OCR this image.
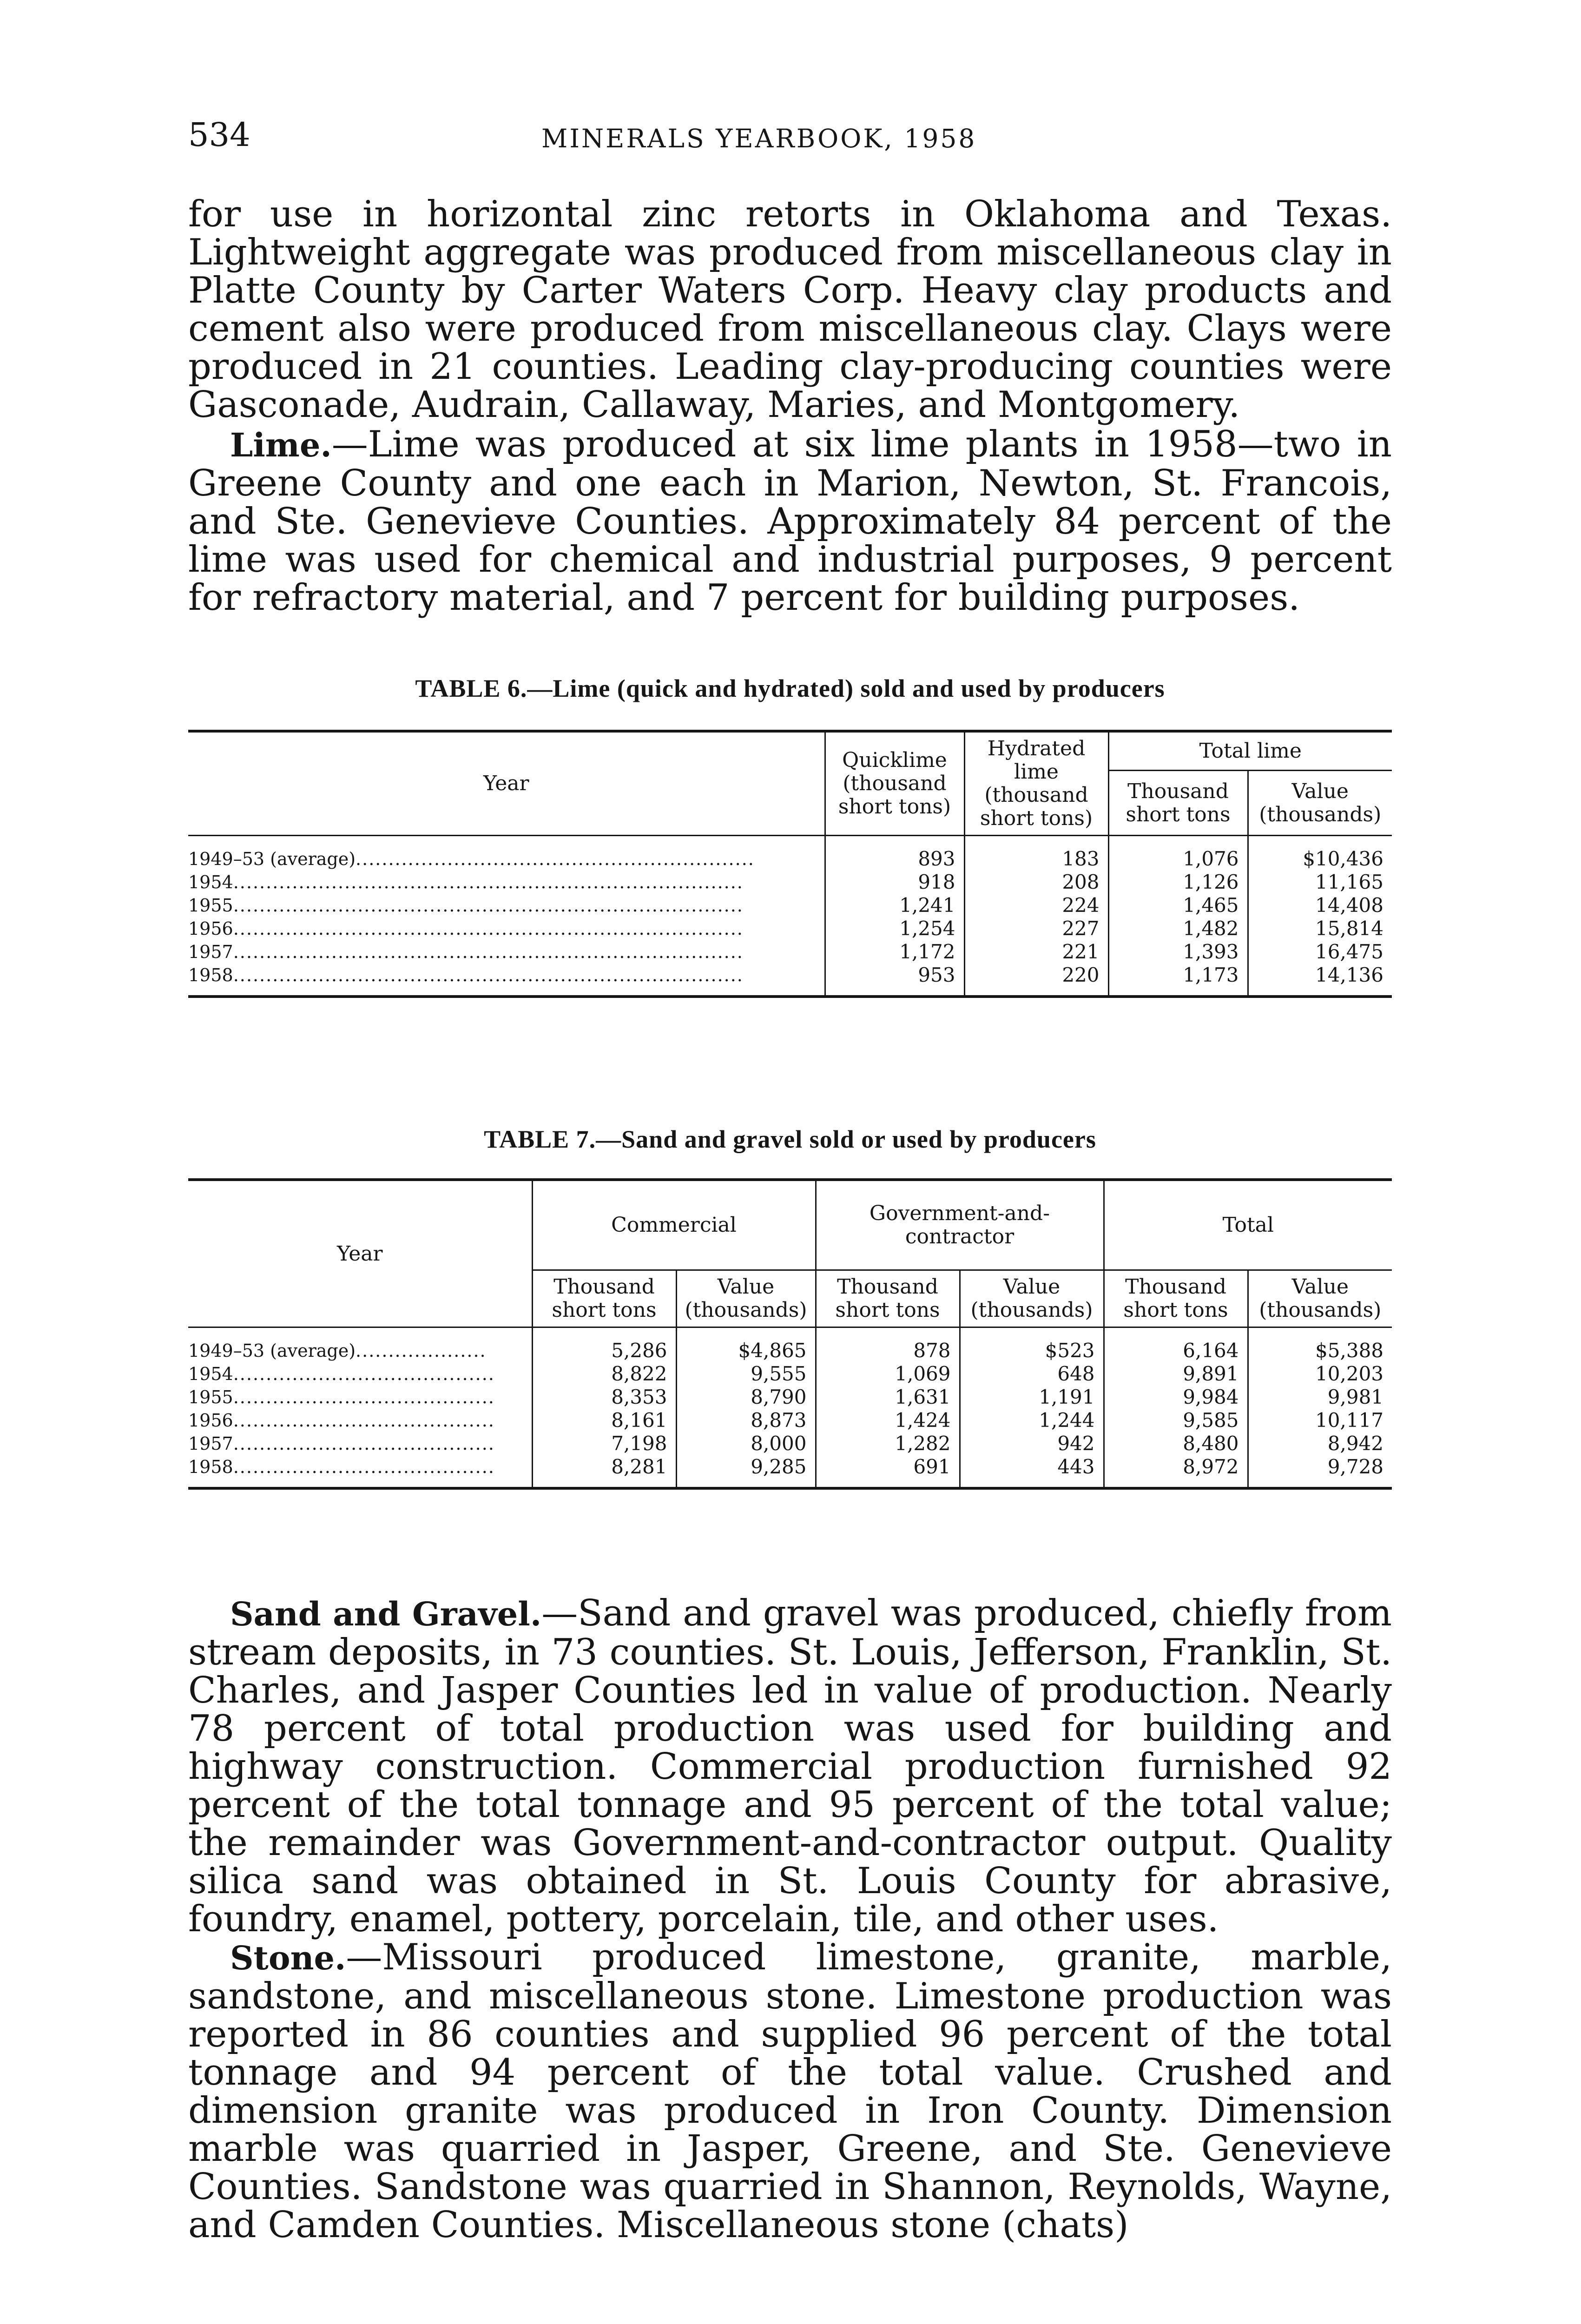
534	MINERALS YEARBOOK, 1958

for use in horizontal zinc retorts in Oklahoma and Texas. Lightweight aggregate was produced from miscellaneous clay in Platte County by Carter Waters Corp. Heavy clay products and cement also were produced from miscellaneous clay. Clays were produced in 21 counties. Leading clay-producing counties were Gasconade, Audrain, Callaway, Maries, and Montgomery.

Lime.—Lime was produced at six lime plants in 1958—two in Greene County and one each in Marion, Newton, St. Francois, and Ste. Genevieve Counties. Approximately 84 percent of the lime was used for chemical and industrial purposes, 9 percent for refractory material, and 7 percent for building purposes.

TABLE 6.—Lime (quick and hydrated) sold and used by producers
Year	Quicklime (thousand short tons)	Hydrated lime (thousand short tons)	Total lime	
			Thousand short tons	Value (thousands)
1949–53 (average).............................................................	893	183	1,076	$10,436
1954..............................................................................	918	208	1,126	11,165
1955..............................................................................	1,241	224	1,465	14,408
1956..............................................................................	1,254	227	1,482	15,814
1957..............................................................................	1,172	221	1,393	16,475
1958..............................................................................	953	220	1,173	14,136
TABLE 7.—Sand and gravel sold or used by producers
Year	Commercial		Government-and-contractor		Total	
	Thousand short tons	Value (thousands)	Thousand short tons	Value (thousands)	Thousand short tons	Value (thousands)
1949–53 (average)....................	5,286	$4,865	878	$523	6,164	$5,388
1954........................................	8,822	9,555	1,069	648	9,891	10,203
1955........................................	8,353	8,790	1,631	1,191	9,984	9,981
1956........................................	8,161	8,873	1,424	1,244	9,585	10,117
1957........................................	7,198	8,000	1,282	942	8,480	8,942
1958........................................	8,281	9,285	691	443	8,972	9,728

Sand and Gravel.—Sand and gravel was produced, chiefly from stream deposits, in 73 counties. St. Louis, Jefferson, Franklin, St. Charles, and Jasper Counties led in value of production. Nearly 78 percent of total production was used for building and highway construction. Commercial production furnished 92 percent of the total tonnage and 95 percent of the total value; the remainder was Government-and-contractor output. Quality silica sand was obtained in St. Louis County for abrasive, foundry, enamel, pottery, porcelain, tile, and other uses.

Stone.—Missouri produced limestone, granite, marble, sandstone, and miscellaneous stone. Limestone production was reported in 86 counties and supplied 96 percent of the total tonnage and 94 percent of the total value. Crushed and dimension granite was produced in Iron County. Dimension marble was quarried in Jasper, Greene, and Ste. Genevieve Counties. Sandstone was quarried in Shannon, Reynolds, Wayne, and Camden Counties. Miscellaneous stone (chats)
